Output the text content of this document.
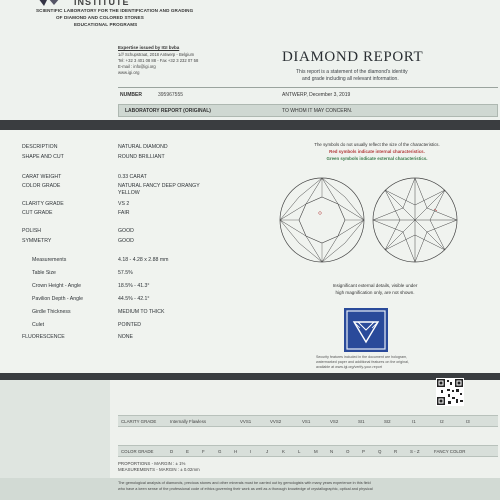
INSTITUTE
SCIENTIFIC LABORATORY FOR THE IDENTIFICATION AND GRADING
OF DIAMOND AND COLORED STONES
EDUCATIONAL PROGRAMS
Expertise issued by IGI bvba
1/// Schupstraat, 2018 Antwerp - Belgium
Tel: +32 3 401 08 88 - Fax +32 3 232 07 58
E-mail : info@igi.org
www.igi.org
DIAMOND REPORT
This report is a statement of the diamond's identity
and grade including all relevant information.
NUMBER	395967555	ANTWERP, December 3, 2019
LABORATORY REPORT (ORIGINAL)	TO WHOM IT MAY CONCERN.
DESCRIPTION	NATURAL DIAMOND
SHAPE AND CUT	ROUND BRILLIANT
CARAT WEIGHT	0.33 CARAT
COLOR GRADE	NATURAL FANCY DEEP ORANGY
YELLOW
CLARITY GRADE	VS 2
CUT GRADE	FAIR
POLISH	GOOD
SYMMETRY	GOOD
Measurements	4.18 - 4.28 x 2.88 mm
Table Size	57.5%
Crown Height - Angle	18.5% - 41.3°
Pavilion Depth - Angle	44.5% - 42.1°
Girdle Thickness	MEDIUM TO THICK
Culet	POINTED
FLUORESCENCE	NONE
The symbols do not usually reflect the size of the characteristics.
Red symbols indicate internal characteristics.
Green symbols indicate external characteristics.
Insignificant external details, visible under
high magnification only, are not shown.
Security features included in the document are hologram,
watermarked paper and additional features on the original,
available at www.igi.org/verify-your-report
CLARITY GRADE	Internally Flawless	VVS1	VVS2	VS1	VS2	SI1	SI2	I1	I2	I3
COLOR GRADE	D	E	F	G	H	I	J	K	L	M	N	O	P	Q	R	S - Z	FANCY COLOR
PROPORTIONS - MARGIN : ± 1%
MEASUREMENTS - MARGIN : ± 0.02mm
The gemological analysis of diamonds, precious stones and other minerals must be carried out by gemologists with many years experience in this field
who have a keen sense of the professional code of ethics governing their work as well as a thorough knowledge of crystallographic, optical and physical
